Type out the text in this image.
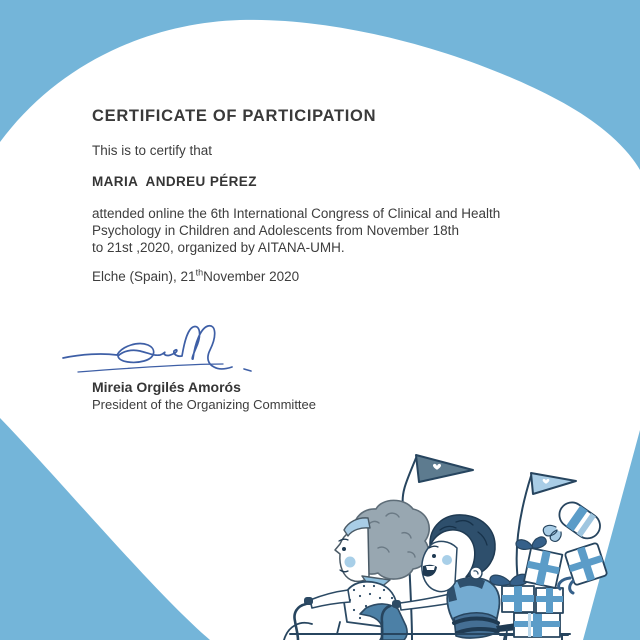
CERTIFICATE OF PARTICIPATION
This is to certify that
MARIA  ANDREU PÉREZ
attended online the 6th International Congress of Clinical and Health
Psychology in Children and Adolescents from November 18th
to 21st ,2020, organized by AITANA-UMH.
Elche (Spain), 21thNovember 2020
Mireia Orgilés Amorós
President of the Organizing Committee
